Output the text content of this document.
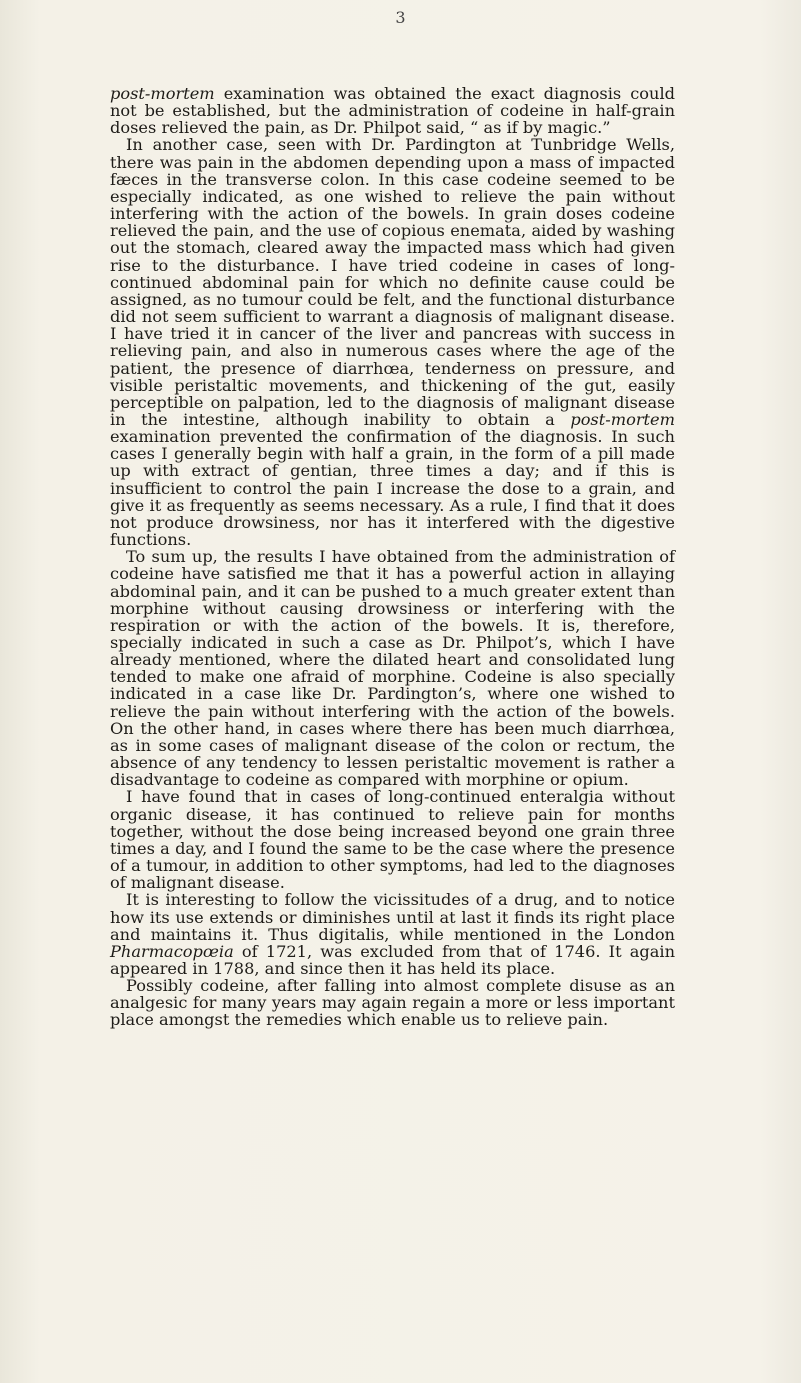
3

post-mortem examination was obtained the exact diagnosis could not be established, but the administration of codeine in half-grain doses relieved the pain, as Dr. Philpot said, “ as if by magic.”

In another case, seen with Dr. Pardington at Tunbridge Wells, there was pain in the abdomen depending upon a mass of impacted fæces in the transverse colon. In this case codeine seemed to be especially indicated, as one wished to relieve the pain without interfering with the action of the bowels. In grain doses codeine relieved the pain, and the use of copious enemata, aided by washing out the stomach, cleared away the impacted mass which had given rise to the disturbance. I have tried codeine in cases of long-continued abdominal pain for which no definite cause could be assigned, as no tumour could be felt, and the functional disturbance did not seem sufficient to warrant a diagnosis of malignant disease. I have tried it in cancer of the liver and pancreas with success in relieving pain, and also in numerous cases where the age of the patient, the presence of diarrhœa, tenderness on pressure, and visible peristaltic movements, and thickening of the gut, easily perceptible on palpation, led to the diagnosis of malignant disease in the intestine, although inability to obtain a post-mortem examination prevented the confirmation of the diagnosis. In such cases I generally begin with half a grain, in the form of a pill made up with extract of gentian, three times a day; and if this is insufficient to control the pain I increase the dose to a grain, and give it as frequently as seems necessary. As a rule, I find that it does not produce drowsiness, nor has it interfered with the digestive functions.

To sum up, the results I have obtained from the administration of codeine have satisfied me that it has a powerful action in allaying abdominal pain, and it can be pushed to a much greater extent than morphine without causing drowsiness or interfering with the respiration or with the action of the bowels. It is, therefore, specially indicated in such a case as Dr. Philpot’s, which I have already mentioned, where the dilated heart and consolidated lung tended to make one afraid of morphine. Codeine is also specially indicated in a case like Dr. Pardington’s, where one wished to relieve the pain without interfering with the action of the bowels. On the other hand, in cases where there has been much diarrhœa, as in some cases of malignant disease of the colon or rectum, the absence of any tendency to lessen peristaltic movement is rather a disadvantage to codeine as compared with morphine or opium.

I have found that in cases of long-continued enteralgia without organic disease, it has continued to relieve pain for months together, without the dose being increased beyond one grain three times a day, and I found the same to be the case where the presence of a tumour, in addition to other symptoms, had led to the diagnoses of malignant disease.

It is interesting to follow the vicissitudes of a drug, and to notice how its use extends or diminishes until at last it finds its right place and maintains it. Thus digitalis, while mentioned in the London Pharmacopœia of 1721, was excluded from that of 1746. It again appeared in 1788, and since then it has held its place.

Possibly codeine, after falling into almost complete disuse as an analgesic for many years may again regain a more or less important place amongst the remedies which enable us to relieve pain.
